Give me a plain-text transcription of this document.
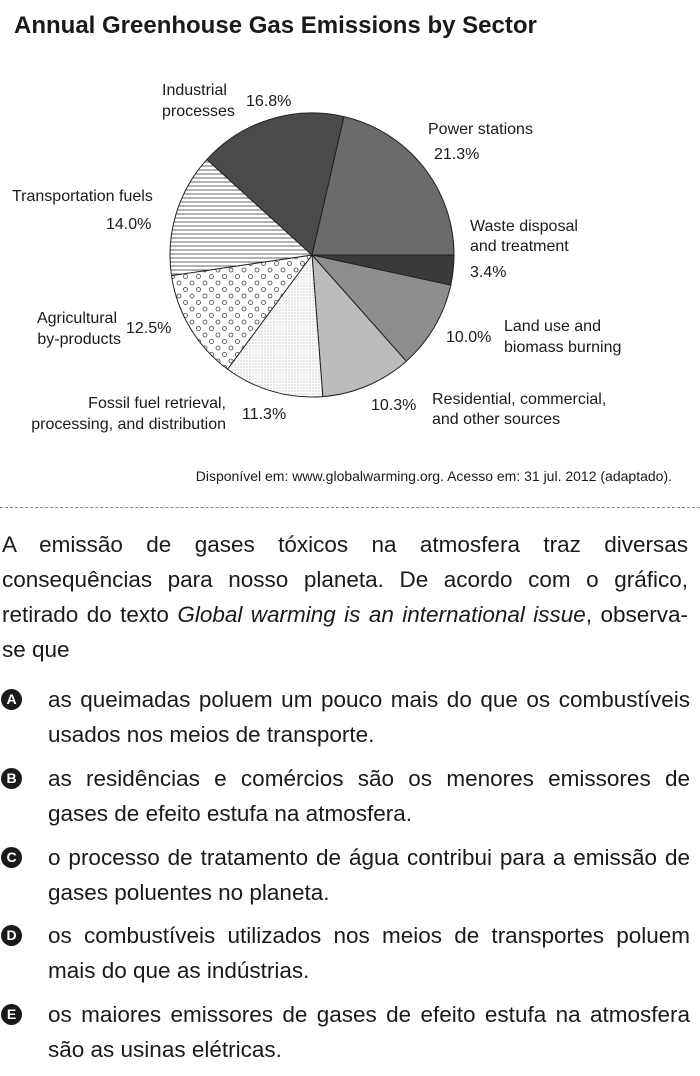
Annual Greenhouse Gas Emissions by Sector
Power stations
21.3%
Waste disposal
and treatment
3.4%
Land use and
biomass burning
10.0%
Residential, commercial,
and other sources
10.3%
Fossil fuel retrieval,
processing, and distribution
11.3%
Agricultural
by-products
12.5%
Transportation fuels
14.0%
Industrial
processes
16.8%
Disponível em: www.globalwarming.org. Acesso em: 31 jul. 2012 (adaptado).
A emissão de gases tóxicos na atmosfera traz diversas consequências para nosso planeta. De acordo com o gráfico, retirado do texto Global warming is an international issue, observa-se que
A as queimadas poluem um pouco mais do que os combustíveis usados nos meios de transporte.
B as residências e comércios são os menores emissores de gases de efeito estufa na atmosfera.
C o processo de tratamento de água contribui para a emissão de gases poluentes no planeta.
D os combustíveis utilizados nos meios de transportes poluem mais do que as indústrias.
E os maiores emissores de gases de efeito estufa na atmosfera são as usinas elétricas.
